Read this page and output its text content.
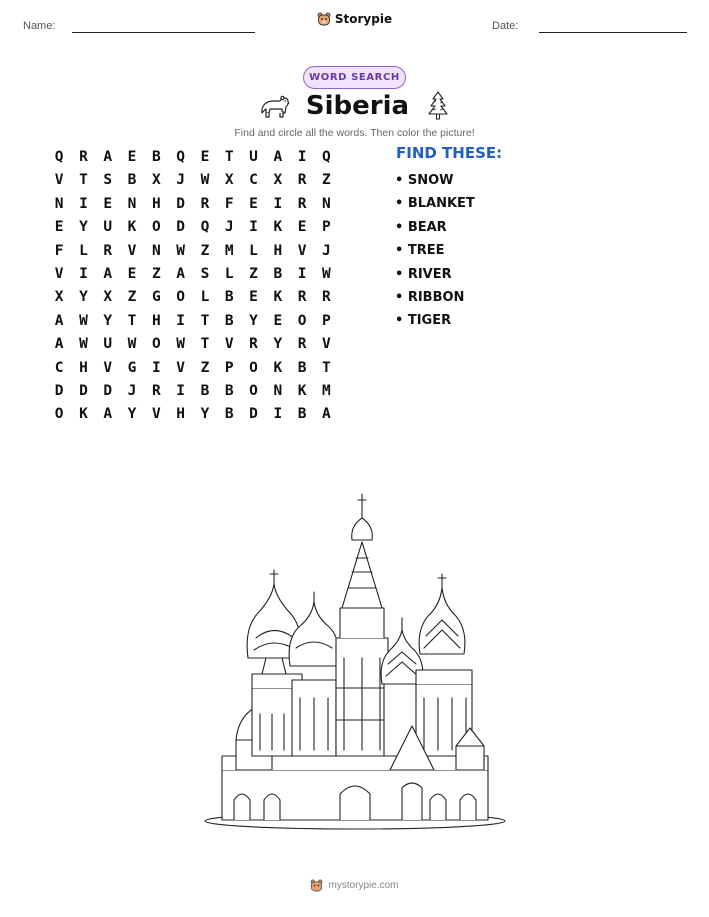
Name:	Storypie	Date:
WORD SEARCH
Siberia
Find and circle all the words. Then color the picture!
Q	R	A	E	B	Q	E	T	U	A	I	Q
V	T	S	B	X	J	W	X	C	X	R	Z
N	I	E	N	H	D	R	F	E	I	R	N
E	Y	U	K	O	D	Q	J	I	K	E	P
F	L	R	V	N	W	Z	M	L	H	V	J
V	I	A	E	Z	A	S	L	Z	B	I	W
X	Y	X	Z	G	O	L	B	E	K	R	R
A	W	Y	T	H	I	T	B	Y	E	O	P
A	W	U	W	O	W	T	V	R	Y	R	V
C	H	V	G	I	V	Z	P	O	K	B	T
D	D	D	J	R	I	B	B	O	N	K	M
O	K	A	Y	V	H	Y	B	D	I	B	A
FIND THESE:
• SNOW
• BLANKET
• BEAR
• TREE
• RIVER
• RIBBON
• TIGER
mystorypie.com
